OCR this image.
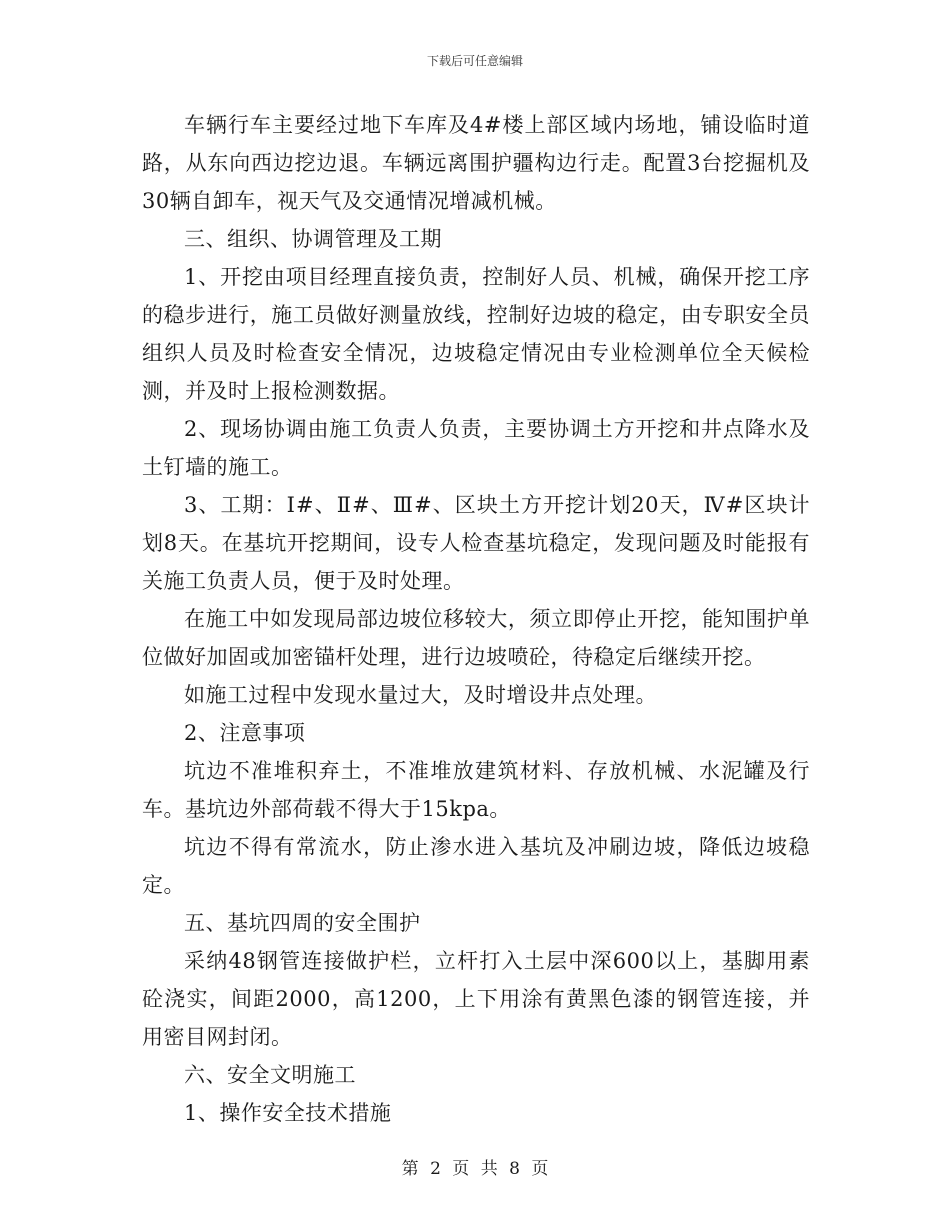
下载后可任意编辑

车辆行车主要经过地下车库及4#楼上部区域内场地，铺设临时道路，从东向西边挖边退。车辆远离围护疆构边行走。配置3台挖掘机及30辆自卸车，视天气及交通情况增减机械。

三、组织、协调管理及工期

1、开挖由项目经理直接负责，控制好人员、机械，确保开挖工序的稳步进行，施工员做好测量放线，控制好边坡的稳定，由专职安全员组织人员及时检查安全情况，边坡稳定情况由专业检测单位全天候检测，并及时上报检测数据。

2、现场协调由施工负责人负责，主要协调土方开挖和井点降水及土钉墙的施工。

3、工期：Ⅰ#、Ⅱ#、Ⅲ#、区块土方开挖计划20天，Ⅳ#区块计划8天。在基坑开挖期间，设专人检查基坑稳定，发现问题及时能报有关施工负责人员，便于及时处理。

在施工中如发现局部边坡位移较大，须立即停止开挖，能知围护单位做好加固或加密锚杆处理，进行边坡喷砼，待稳定后继续开挖。

如施工过程中发现水量过大，及时增设井点处理。

2、注意事项

坑边不准堆积弃土，不准堆放建筑材料、存放机械、水泥罐及行车。基坑边外部荷载不得大于15kpa。

坑边不得有常流水，防止渗水进入基坑及冲刷边坡，降低边坡稳定。

五、基坑四周的安全围护

采纳48钢管连接做护栏，立杆打入土层中深600以上，基脚用素砼浇实，间距2000，高1200，上下用涂有黄黑色漆的钢管连接，并用密目网封闭。

六、安全文明施工

1、操作安全技术措施

第 2 页 共 8 页
